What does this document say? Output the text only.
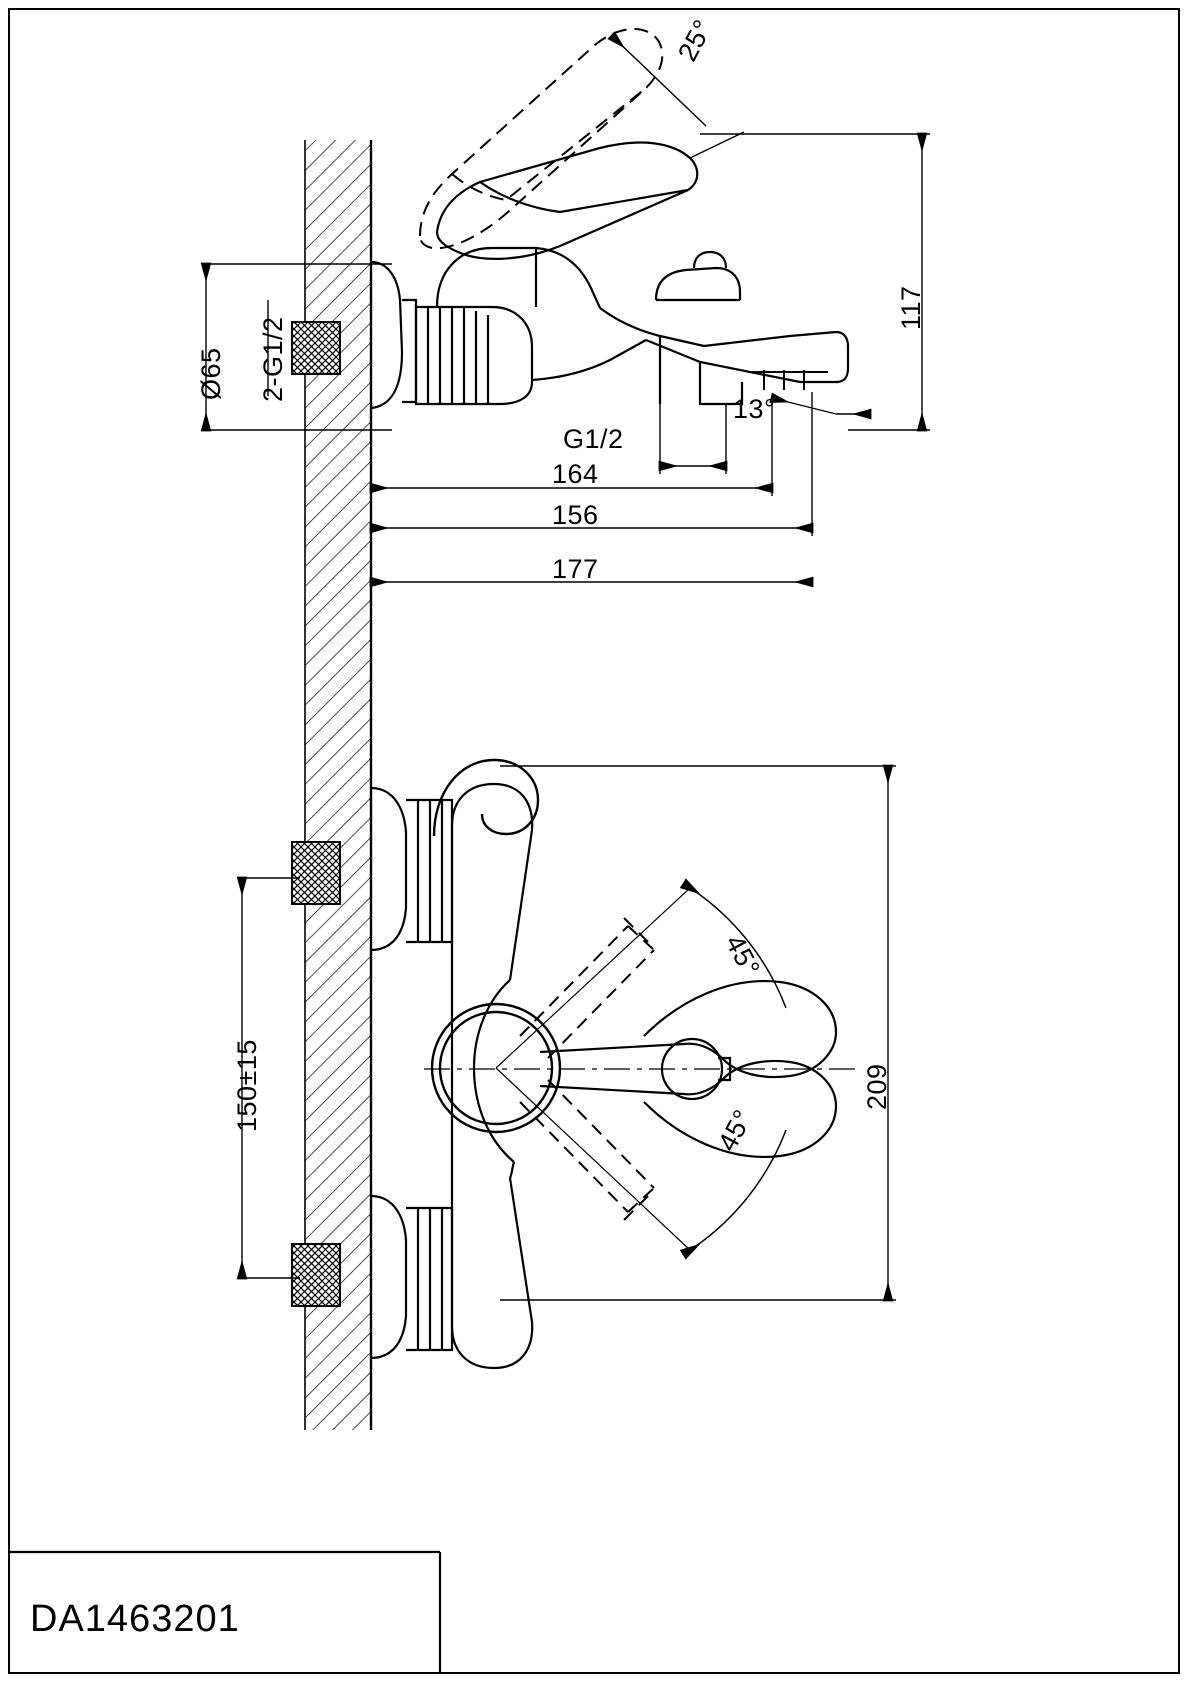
Ø65 2-G1/2
117
25°
13°
G1/2
164
156
177
150±15	209
45°
45°
DA1463201
